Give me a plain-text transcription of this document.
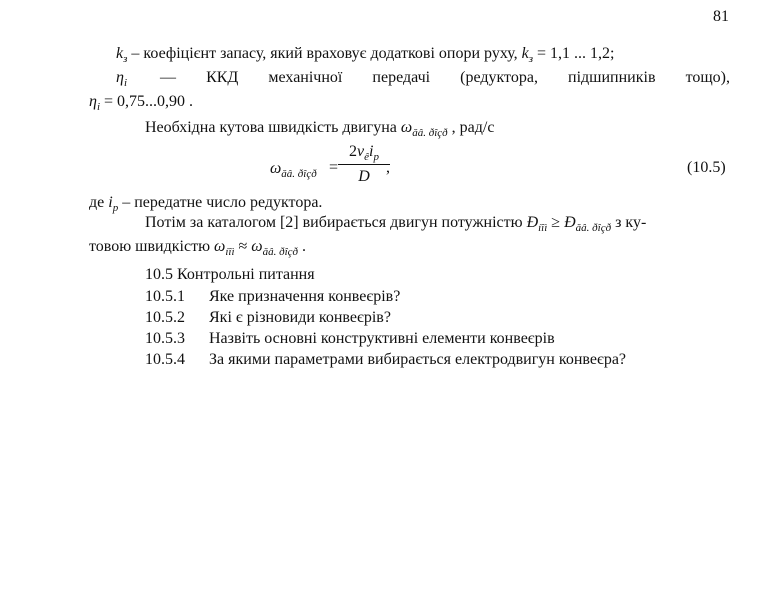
81
$k_з$ – коефіцієнт запасу, який враховує додаткові опори руху, $k_з = 1,1$ ... 1,2;
$\eta_і$ — ККД механічної передачі (редуктора, підшипників тощо),
$\eta_і = 0,75...0,90$ .
Необхідна кутова швидкість двигуна $\omega_{ăâ. ðîçð}$ , рад/с
$\omega_{ăâ. ðîçð}$ =
$2v_êi_p$
D
,	(10.5)
де $i_p$ – передатне число редуктора.
Потім за каталогом [2] вибирається двигун потужністю $Ð_{íîì}$ ≥ $Ð_{ăâ. ðîçð}$ з ку-
товою швидкістю $\omega_{íîì} \approx \omega_{ăâ. ðîçð}$ .
10.5 Контрольні питання
10.5.1 Яке призначення конвеєрів?
10.5.2 Які є різновиди конвеєрів?
10.5.3 Назвіть основні конструктивні елементи конвеєрів
10.5.4 За якими параметрами вибирається електродвигун конвеєра?
